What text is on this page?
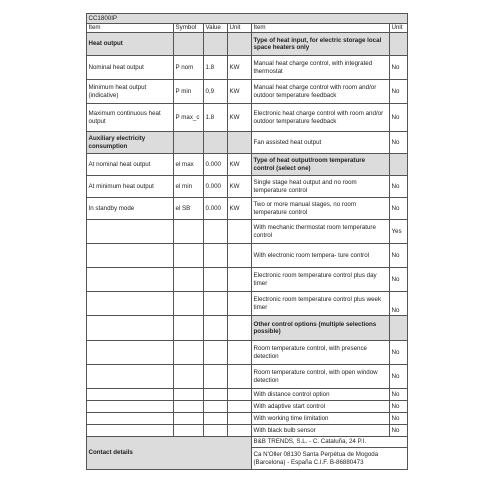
CC1800IP					
Item	Symbol	Value	Unit	Item	Unit
Heat output				Type of heat input, for electric storage local space heaters only	
Nominal heat output	P nom	1.8	KW	Manual heat charge control, with integrated thermostat	No
Minimum heat output (indicative)	P min	0,9	KW	Manual heat charge control with room and/or outdoor temperature feedback	No
Maximum continuous heat output	P max_c	1.8	KW	Electronic heat charge control with room and/or outdoor temperature feedback	No
Auxiliary electricity consumption				Fan assisted heat output	No
At nominal heat output	el max	0.000	KW	Type of heat output/room temperature control (select one)	
At minimum heat output	el min	0.000	KW	Single stage heat output and no room temperature control	No
In standby mode	el SB	0.000	KW	Two or more manual stages, no room temperature control	No
				With mechanic thermostat room temperature control	Yes
				With electronic room tempera- ture control	No
				Electronic room temperature control plus day timer	No
				Electronic room temperature control plus week timer	No
				Other control options (multiple selections possible)	
				Room temperature control, with presence detection	No
				Room temperature control, with open window detection	No
				With distance control option	No
				With adaptive start control	No
				With working time limitation	No
				With black bulb sensor	No
Contact details				B&B TRENDS, S.L. - C. Cataluña, 24 P.I.	
				Ca N'Oller 08130 Santa Perpètua de Mogoda (Barcelona) - España C.I.F. B-86880473	
